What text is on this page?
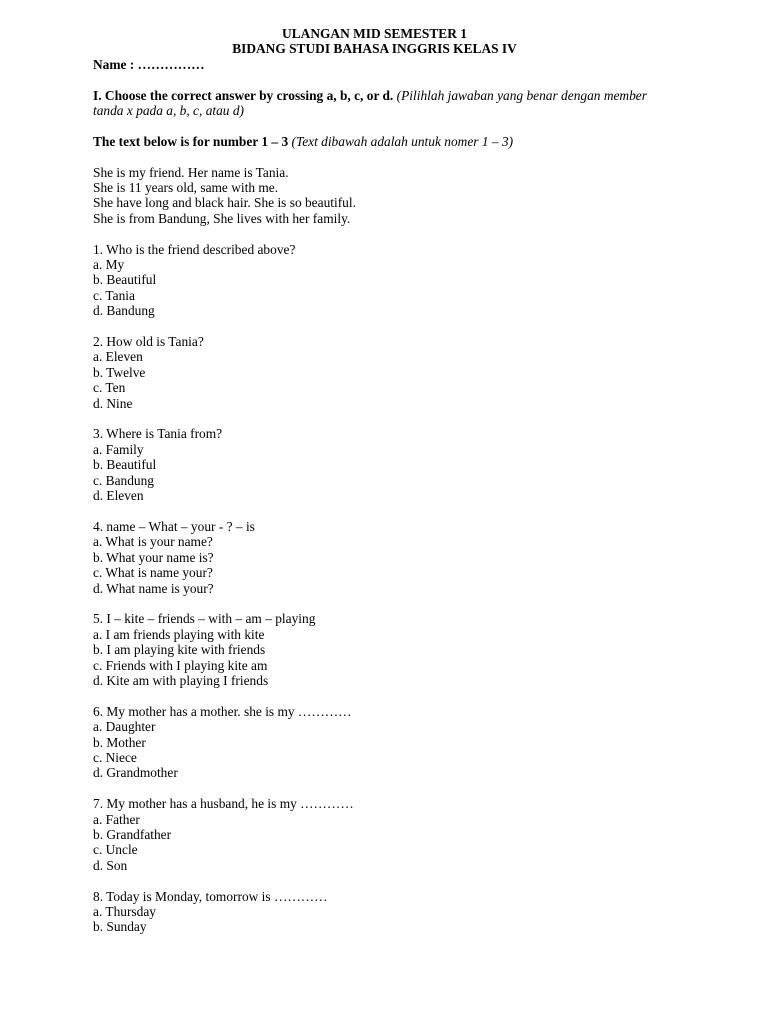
ULANGAN MID SEMESTER 1
BIDANG STUDI BAHASA INGGRIS KELAS IV
Name : ……………
I. Choose the correct answer by crossing a, b, c, or d. (Pilihlah jawaban yang benar dengan member tanda x pada a, b, c, atau d)
The text below is for number 1 – 3 (Text dibawah adalah untuk nomer 1 – 3)
She is my friend. Her name is Tania.
She is 11 years old, same with me.
She have long and black hair. She is so beautiful.
She is from Bandung, She lives with her family.
1. Who is the friend described above?
a. My
b. Beautiful
c. Tania
d. Bandung
2. How old is Tania?
a. Eleven
b. Twelve
c. Ten
d. Nine
3. Where is Tania from?
a. Family
b. Beautiful
c. Bandung
d. Eleven
4. name – What – your - ? – is
a. What is your name?
b. What your name is?
c. What is name your?
d. What name is your?
5. I – kite – friends – with – am – playing
a. I am friends playing with kite
b. I am playing kite with friends
c. Friends with I playing kite am
d. Kite am with playing I friends
6. My mother has a mother. she is my …………
a. Daughter
b. Mother
c. Niece
d. Grandmother
7. My mother has a husband, he is my …………
a. Father
b. Grandfather
c. Uncle
d. Son
8. Today is Monday, tomorrow is …………
a. Thursday
b. Sunday
